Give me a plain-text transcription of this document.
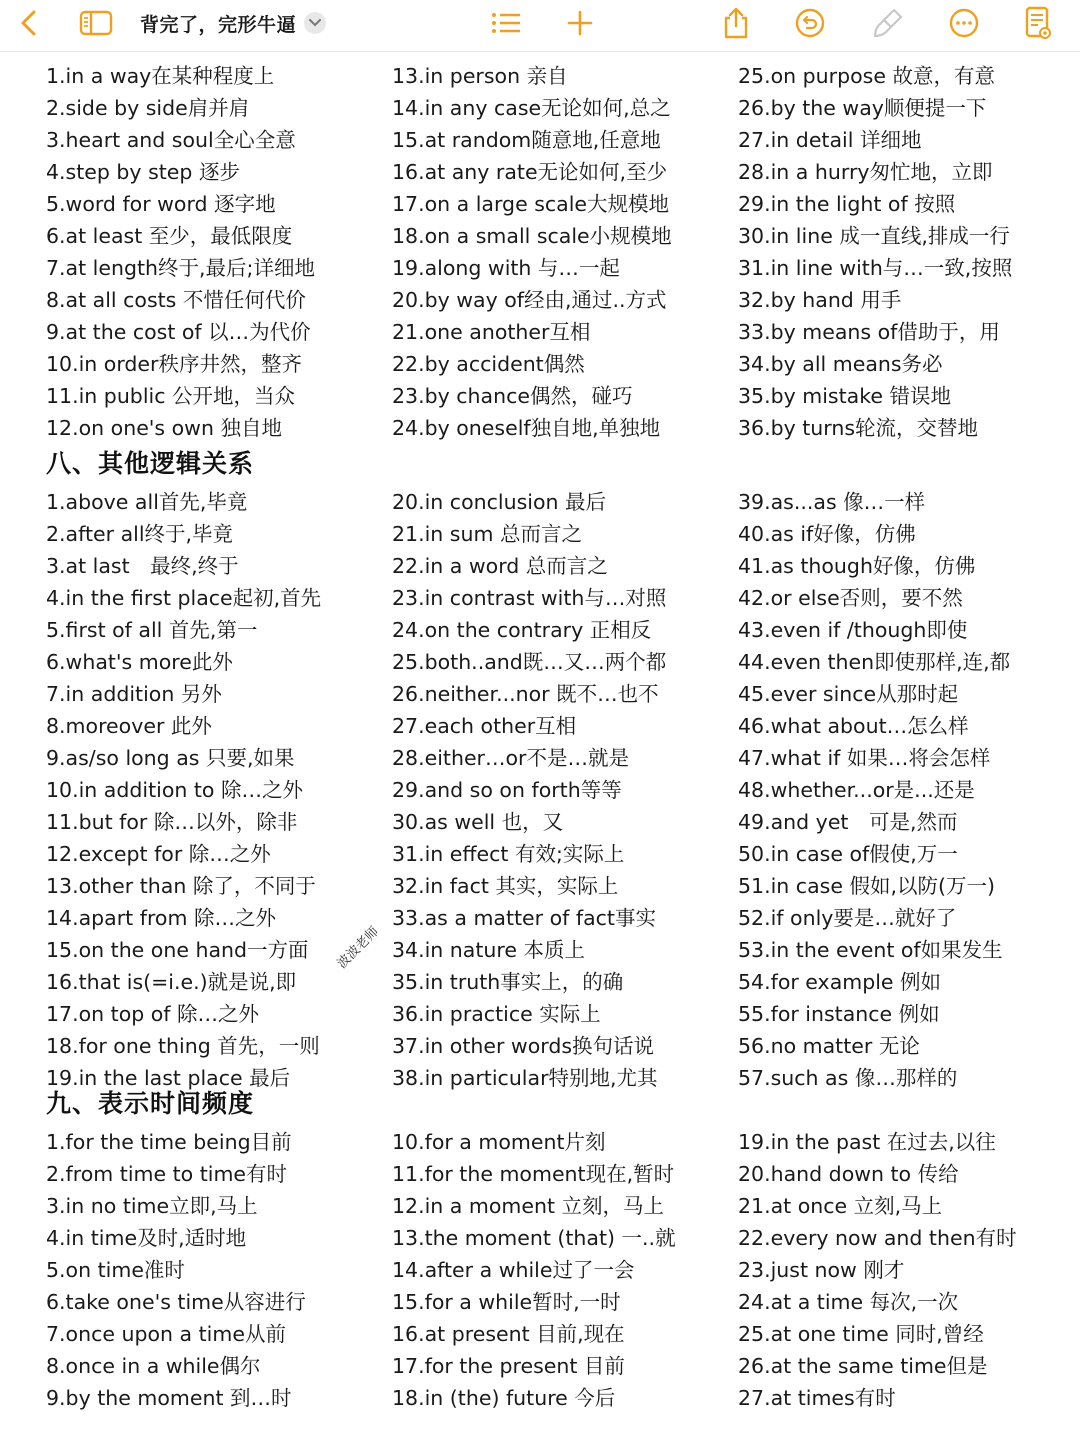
背完了，完形牛逼
1.in a way在某种程度上
2.side by side肩并肩
3.heart and soul全心全意
4.step by step 逐步
5.word for word 逐字地
6.at least 至少，最低限度
7.at length终于,最后;详细地
8.at all costs 不惜任何代价
9.at the cost of 以…为代价
10.in order秩序井然，整齐
11.in public 公开地，当众
12.on one's own 独自地
13.in person 亲自
14.in any case无论如何,总之
15.at random随意地,任意地
16.at any rate无论如何,至少
17.on a large scale大规模地
18.on a small scale小规模地
19.along with 与…一起
20.by way of经由,通过..方式
21.one another互相
22.by accident偶然
23.by chance偶然，碰巧
24.by oneself独自地,单独地
25.on purpose 故意，有意
26.by the way顺便提一下
27.in detail 详细地
28.in a hurry匆忙地，立即
29.in the light of 按照
30.in line 成一直线,排成一行
31.in line with与…一致,按照
32.by hand 用手
33.by means of借助于，用
34.by all means务必
35.by mistake 错误地
36.by turns轮流，交替地
八、其他逻辑关系
1.above all首先,毕竟
2.after all终于,毕竟
3.at last　最终,终于
4.in the first place起初,首先
5.first of all 首先,第一
6.what's more此外
7.in addition 另外
8.moreover 此外
9.as/so long as 只要,如果
10.in addition to 除…之外
11.but for 除…以外，除非
12.except for 除…之外
13.other than 除了，不同于
14.apart from 除…之外
15.on the one hand一方面
16.that is(=i.e.)就是说,即
17.on top of 除…之外
18.for one thing 首先，一则
19.in the last place 最后
20.in conclusion 最后
21.in sum 总而言之
22.in a word 总而言之
23.in contrast with与…对照
24.on the contrary 正相反
25.both..and既…又…两个都
26.neither...nor 既不…也不
27.each other互相
28.either…or不是…就是
29.and so on forth等等
30.as well 也，又
31.in effect 有效;实际上
32.in fact 其实，实际上
33.as a matter of fact事实
34.in nature 本质上
35.in truth事实上，的确
36.in practice 实际上
37.in other words换句话说
38.in particular特别地,尤其
39.as...as 像…一样
40.as if好像，仿佛
41.as though好像，仿佛
42.or else否则，要不然
43.even if /though即使
44.even then即使那样,连,都
45.ever since从那时起
46.what about…怎么样
47.what if 如果…将会怎样
48.whether...or是...还是
49.and yet　可是,然而
50.in case of假使,万一
51.in case 假如,以防(万一)
52.if only要是…就好了
53.in the event of如果发生
54.for example 例如
55.for instance 例如
56.no matter 无论
57.such as 像…那样的
九、表示时间频度
1.for the time being目前
2.from time to time有时
3.in no time立即,马上
4.in time及时,适时地
5.on time准时
6.take one's time从容进行
7.once upon a time从前
8.once in a while偶尔
9.by the moment 到…时
10.for a moment片刻
11.for the moment现在,暂时
12.in a moment 立刻，马上
13.the moment (that) 一..就
14.after a while过了一会
15.for a while暂时,一时
16.at present 目前,现在
17.for the present 目前
18.in (the) future 今后
19.in the past 在过去,以往
20.hand down to 传给
21.at once 立刻,马上
22.every now and then有时
23.just now 刚才
24.at a time 每次,一次
25.at one time 同时,曾经
26.at the same time但是
27.at times有时
波波老师
